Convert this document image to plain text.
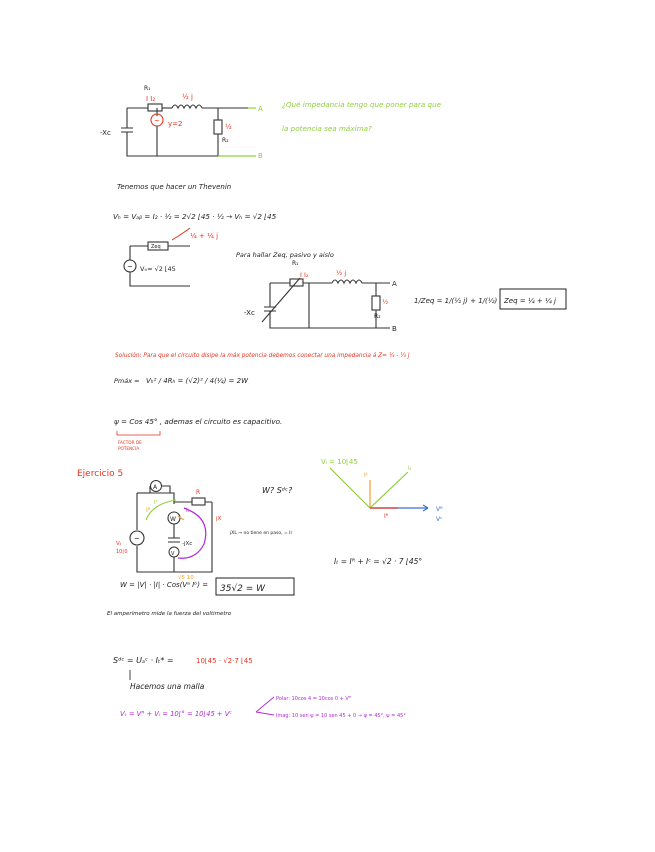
R₁
Ⅰ I₂	½ j
~ y=2
-Xᴄ
½
R₂
A
B
¿Qué impedancia tengo que poner para que
la potencia sea máxima?
Tenemos que hacer un Thevenin
Vₕ = Vₐᵦ = I₂ · ½ = 2√2 ⌊45 · ½ → Vₕ = √2 ⌊45
~
Zeq
¼ + ¼ j
Vₕ= √2 ⌊45
Para hallar Zeq, pasivo y aislo
R₁
I I₂	½ j
½
R₂
-Xᴄ
A
B
1/Zeq = 1/(½ j) + 1/(½) Zeq = ¼ + ¼ j
Solución: Para que el circuito disipe la máx potencia debemos conectar una impedancia á Z= ¼ - ¼ j
Pmáx = Vₕ² / 4Rₕ = (√2)² / 4(¼) = 2W
ψ = Cos 45° , ademas el circuito es capacitivo.
FACTOR DE
POTENCIA
Ejercicio 5
W? Sᵈᶜ?
~
A
W
V
R
jX
Iᴿ
Iᶜ
Iₜ
-jXᴄ
Vₜ
10⌊0
jXL → no tiene en paso, = Ir
W = |V| · |I| · Cos(Vᵃ Iᵇ) =
√5 10
35√2 = W
El amperímetro mide la fuerza del voltimetro
Vₗ = 10⌊45
Iᶜ
Iₜ
Iᴿ
Vᴿ
Vᶜ
Iₜ = Iᴿ + Iᶜ = √2 · 7 ⌊45°
Sᵈᶜ = Uₐᶜ · Iₜ* =	10⌊45 · √2·7 ⌊45
Hacemos una malla
Vₜ = Vᴿ + Vₗ = 10⌊° = 10⌊45 + Vᶜ
Polar: 10cos 4 = 10cos 0 + Vᴿ
Imag: 10 sen ψ = 10 sen 45 + 0 → ψ = 45°, ψ = 45°
